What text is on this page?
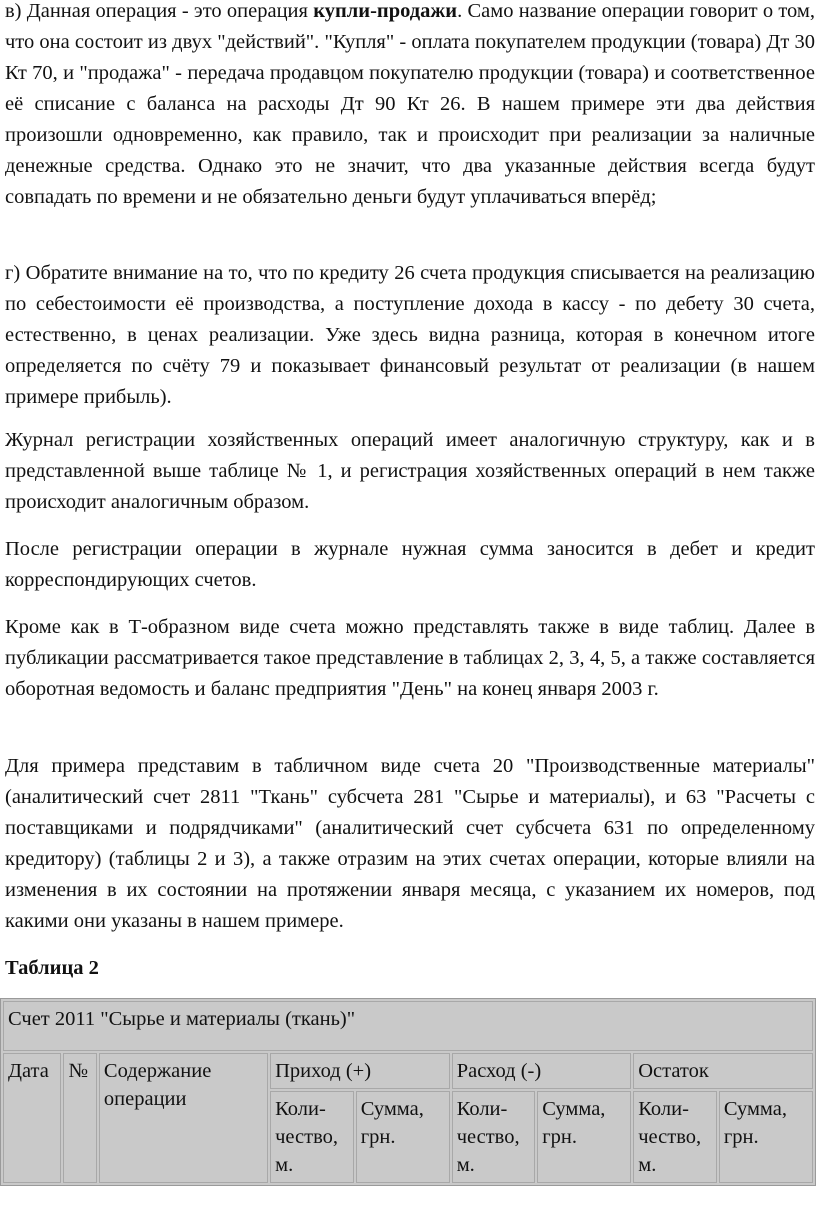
в) Данная операция - это операция купли-продажи. Само название операции говорит о том, что она состоит из двух "действий". "Купля" - оплата покупателем продукции (товара) Дт 30 Кт 70, и "продажа" - передача продавцом покупателю продукции (товара) и соответственное её списание с баланса на расходы Дт 90 Кт 26. В нашем примере эти два действия произошли одновременно, как правило, так и происходит при реализации за наличные денежные средства. Однако это не значит, что два указанные действия всегда будут совпадать по времени и не обязательно деньги будут уплачиваться вперёд;

г) Обратите внимание на то, что по кредиту 26 счета продукция списывается на реализацию по себестоимости её производства, а поступление дохода в кассу - по дебету 30 счета, естественно, в ценах реализации. Уже здесь видна разница, которая в конечном итоге определяется по счёту 79 и показывает финансовый результат от реализации (в нашем примере прибыль).

Журнал регистрации хозяйственных операций имеет аналогичную структуру, как и в представленной выше таблице № 1, и регистрация хозяйственных операций в нем также происходит аналогичным образом.

После регистрации операции в журнале нужная сумма заносится в дебет и кредит корреспондирующих счетов.

Кроме как в Т-образном виде счета можно представлять также в виде таблиц. Далее в публикации рассматривается такое представление в таблицах 2, 3, 4, 5, а также составляется оборотная ведомость и баланс предприятия "День" на конец января 2003 г.

Для примера представим в табличном виде счета 20 "Производственные материалы" (аналитический счет 2811 "Ткань" субсчета 281 "Сырье и материалы), и 63 "Расчеты с поставщиками и подрядчиками" (аналитический счет субсчета 631 по определенному кредитору) (таблицы 2 и 3), а также отразим на этих счетах операции, которые влияли на изменения в их состоянии на протяжении января месяца, с указанием их номеров, под какими они указаны в нашем примере.

Таблица 2

Счет 2011 "Сырье и материалы (ткань)"								
Дата	№	Содержание операции	Приход (+)		Расход (-)		Остаток	
			Коли-чество, м.	Сумма, грн.	Коли-чество, м.	Сумма, грн.	Коли-чество, м.	Сумма, грн.
